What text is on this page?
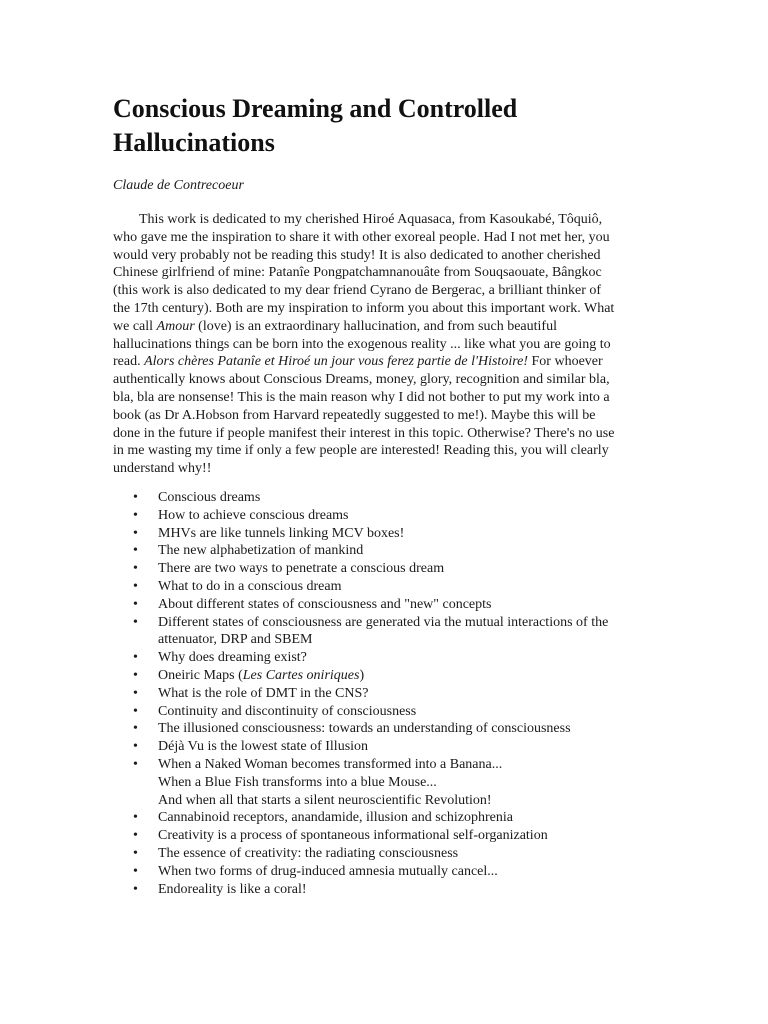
Conscious Dreaming and Controlled
Hallucinations

Claude de Contrecoeur

This work is dedicated to my cherished Hiroé Aquasaca, from Kasoukabé, Tôquiô,
who gave me the inspiration to share it with other exoreal people. Had I not met her, you
would very probably not be reading this study! It is also dedicated to another cherished
Chinese girlfriend of mine: Patanîe Pongpatchamnanouâte from Souqsaouate, Bângkoc
(this work is also dedicated to my dear friend Cyrano de Bergerac, a brilliant thinker of
the 17th century). Both are my inspiration to inform you about this important work. What
we call Amour (love) is an extraordinary hallucination, and from such beautiful
hallucinations things can be born into the exogenous reality ... like what you are going to
read. Alors chères Patanîe et Hiroé un jour vous ferez partie de l'Histoire! For whoever
authentically knows about Conscious Dreams, money, glory, recognition and similar bla,
bla, bla are nonsense! This is the main reason why I did not bother to put my work into a
book (as Dr A.Hobson from Harvard repeatedly suggested to me!). Maybe this will be
done in the future if people manifest their interest in this topic. Otherwise? There's no use
in me wasting my time if only a few people are interested! Reading this, you will clearly
understand why!!

• Conscious dreams
• How to achieve conscious dreams
• MHVs are like tunnels linking MCV boxes!
• The new alphabetization of mankind
• There are two ways to penetrate a conscious dream
• What to do in a conscious dream
• About different states of consciousness and "new" concepts
• Different states of consciousness are generated via the mutual interactions of the
attenuator, DRP and SBEM
• Why does dreaming exist?
• Oneiric Maps (Les Cartes oniriques)
• What is the role of DMT in the CNS?
• Continuity and discontinuity of consciousness
• The illusioned consciousness: towards an understanding of consciousness
• Déjà Vu is the lowest state of Illusion
• When a Naked Woman becomes transformed into a Banana...
When a Blue Fish transforms into a blue Mouse...
And when all that starts a silent neuroscientific Revolution!
• Cannabinoid receptors, anandamide, illusion and schizophrenia
• Creativity is a process of spontaneous informational self-organization
• The essence of creativity: the radiating consciousness
• When two forms of drug-induced amnesia mutually cancel...
• Endoreality is like a coral!
